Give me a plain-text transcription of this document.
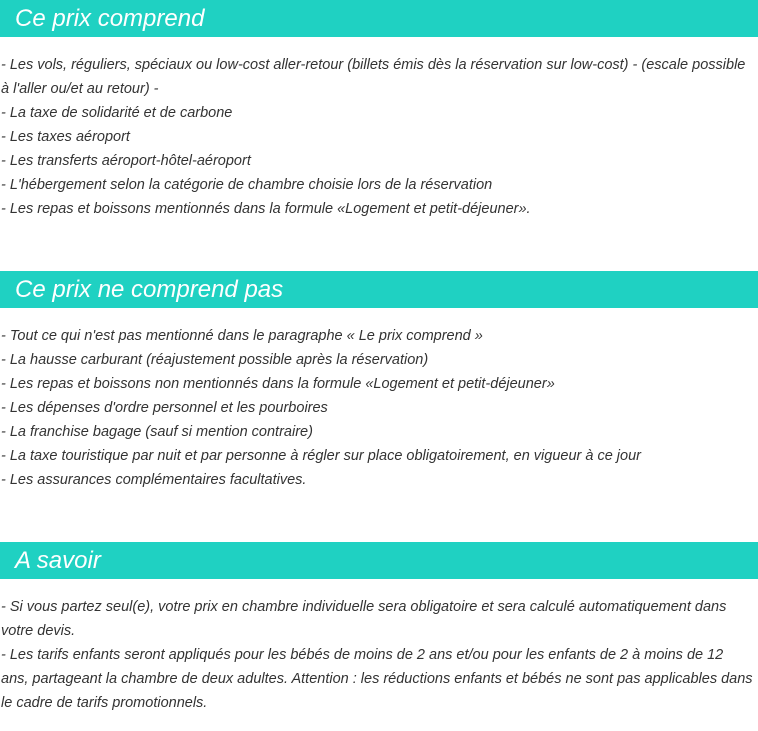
Ce prix comprend
- Les vols, réguliers, spéciaux ou low-cost aller-retour (billets émis dès la réservation sur low-cost) - (escale possible à l'aller ou/et au retour) -
- La taxe de solidarité et de carbone
- Les taxes aéroport
- Les transferts aéroport-hôtel-aéroport
- L'hébergement selon la catégorie de chambre choisie lors de la réservation
- Les repas et boissons mentionnés dans la formule «Logement et petit-déjeuner».
Ce prix ne comprend pas
- Tout ce qui n'est pas mentionné dans le paragraphe « Le prix comprend »
- La hausse carburant (réajustement possible après la réservation)
- Les repas et boissons non mentionnés dans la formule «Logement et petit-déjeuner»
- Les dépenses d'ordre personnel et les pourboires
- La franchise bagage (sauf si mention contraire)
- La taxe touristique par nuit et par personne à régler sur place obligatoirement, en vigueur à ce jour
- Les assurances complémentaires facultatives.
A savoir
- Si vous partez seul(e), votre prix en chambre individuelle sera obligatoire et sera calculé automatiquement dans votre devis.
- Les tarifs enfants seront appliqués pour les bébés de moins de 2 ans et/ou pour les enfants de 2 à moins de 12 ans, partageant la chambre de deux adultes. Attention : les réductions enfants et bébés ne sont pas applicables dans le cadre de tarifs promotionnels.
